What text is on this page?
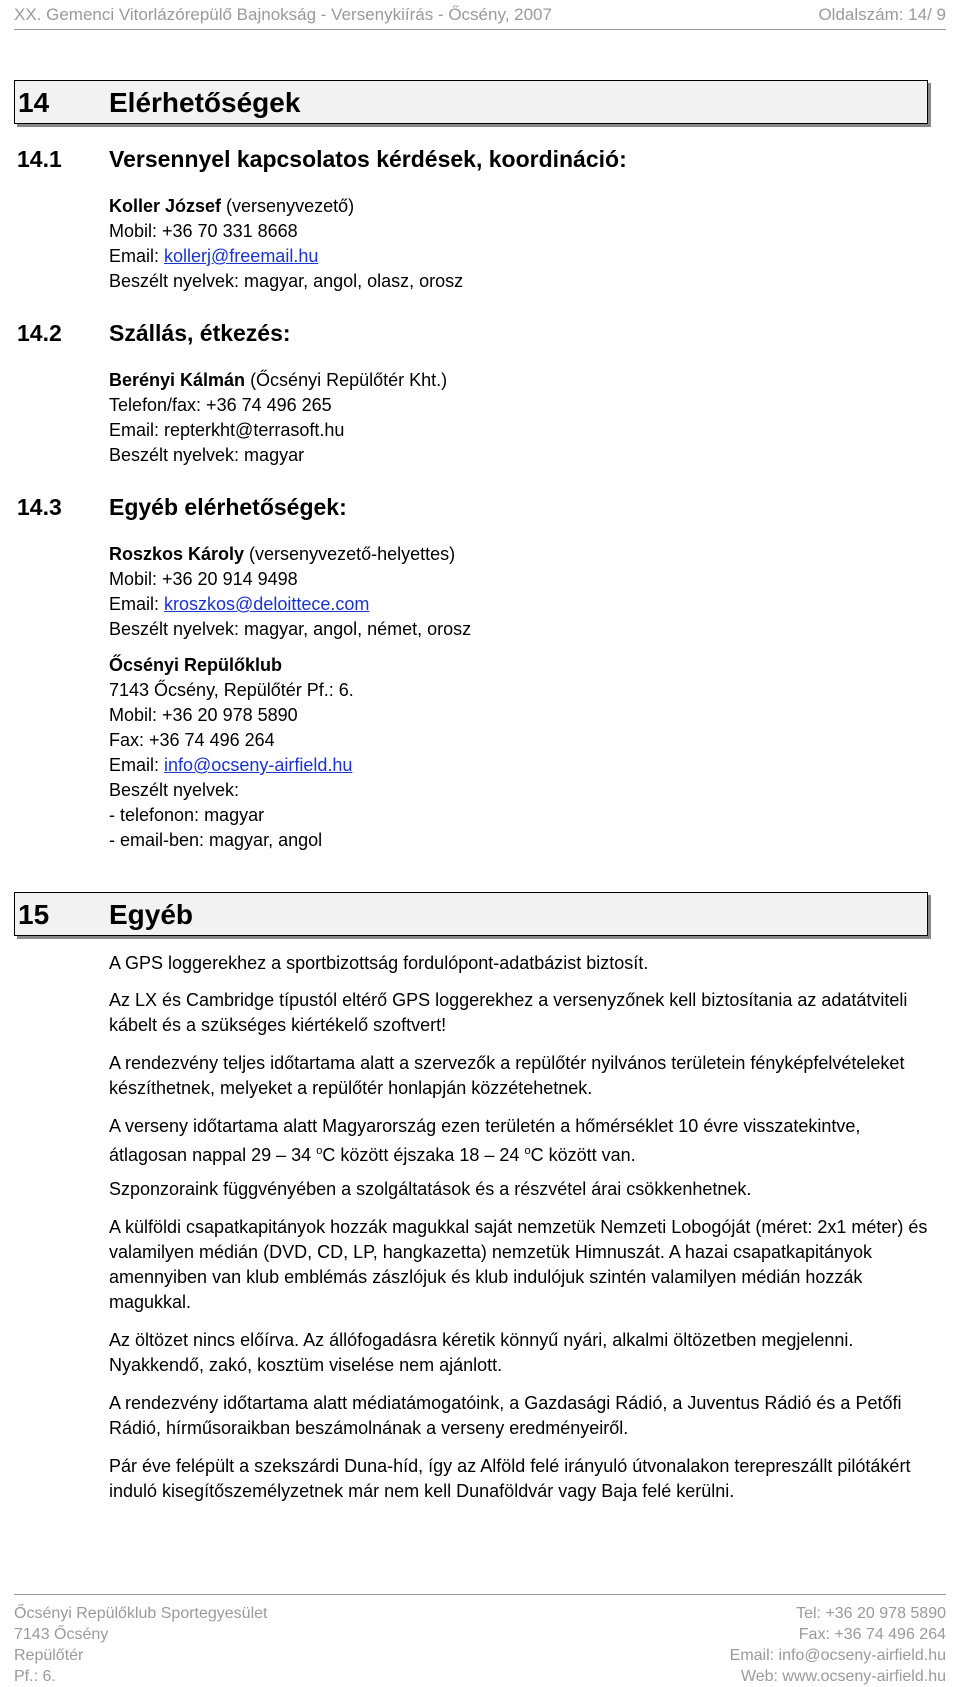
XX. Gemenci Vitorlázórepülő Bajnokság - Versenykiírás - Őcsény, 2007	Oldalszám: 14/ 9
14 Elérhetőségek
14.1 Versennyel kapcsolatos kérdések, koordináció:
Koller József (versenyvezető)
Mobil: +36 70 331 8668
Email: kollerj@freemail.hu
Beszélt nyelvek: magyar, angol, olasz, orosz
14.2 Szállás, étkezés:
Berényi Kálmán (Őcsényi Repülőtér Kht.)
Telefon/fax: +36 74 496 265
Email: repterkht@terrasoft.hu
Beszélt nyelvek: magyar
14.3 Egyéb elérhetőségek:
Roszkos Károly (versenyvezető-helyettes)
Mobil: +36 20 914 9498
Email: kroszkos@deloittece.com
Beszélt nyelvek: magyar, angol, német, orosz
Őcsényi Repülőklub
7143 Őcsény, Repülőtér Pf.: 6.
Mobil: +36 20 978 5890
Fax: +36 74 496 264
Email: info@ocseny-airfield.hu
Beszélt nyelvek:
- telefonon: magyar
- email-ben: magyar, angol
15 Egyéb
A GPS loggerekhez a sportbizottság fordulópont-adatbázist biztosít.
Az LX és Cambridge típustól eltérő GPS loggerekhez a versenyzőnek kell biztosítania az adatátviteli kábelt és a szükséges kiértékelő szoftvert!
A rendezvény teljes időtartama alatt a szervezők a repülőtér nyilvános területein fényképfelvételeket készíthetnek, melyeket a repülőtér honlapján közzétehetnek.
A verseny időtartama alatt Magyarország ezen területén a hőmérséklet 10 évre visszatekintve, átlagosan nappal 29 – 34 $^o$C között éjszaka 18 – 24 $^o$C között van.
Szponzoraink függvényében a szolgáltatások és a részvétel árai csökkenhetnek.
A külföldi csapatkapitányok hozzák magukkal saját nemzetük Nemzeti Lobogóját (méret: 2x1 méter) és valamilyen médián (DVD, CD, LP, hangkazetta) nemzetük Himnuszát. A hazai csapatkapitányok amennyiben van klub emblémás zászlójuk és klub indulójuk szintén valamilyen médián hozzák magukkal.
Az öltözet nincs előírva. Az állófogadásra kéretik könnyű nyári, alkalmi öltözetben megjelenni. Nyakkendő, zakó, kosztüm viselése nem ajánlott.
A rendezvény időtartama alatt médiatámogatóink, a Gazdasági Rádió, a Juventus Rádió és a Petőfi Rádió, hírműsoraikban beszámolnának a verseny eredményeiről.
Pár éve felépült a szekszárdi Duna-híd, így az Alföld felé irányuló útvonalakon terepreszállt pilótákért induló kisegítőszemélyzetnek már nem kell Dunaföldvár vagy Baja felé kerülni.
Őcsényi Repülőklub Sportegyesület
7143 Őcsény
Repülőtér
Pf.: 6.
Tel: +36 20 978 5890
Fax: +36 74 496 264
Email: info@ocseny-airfield.hu
Web: www.ocseny-airfield.hu
